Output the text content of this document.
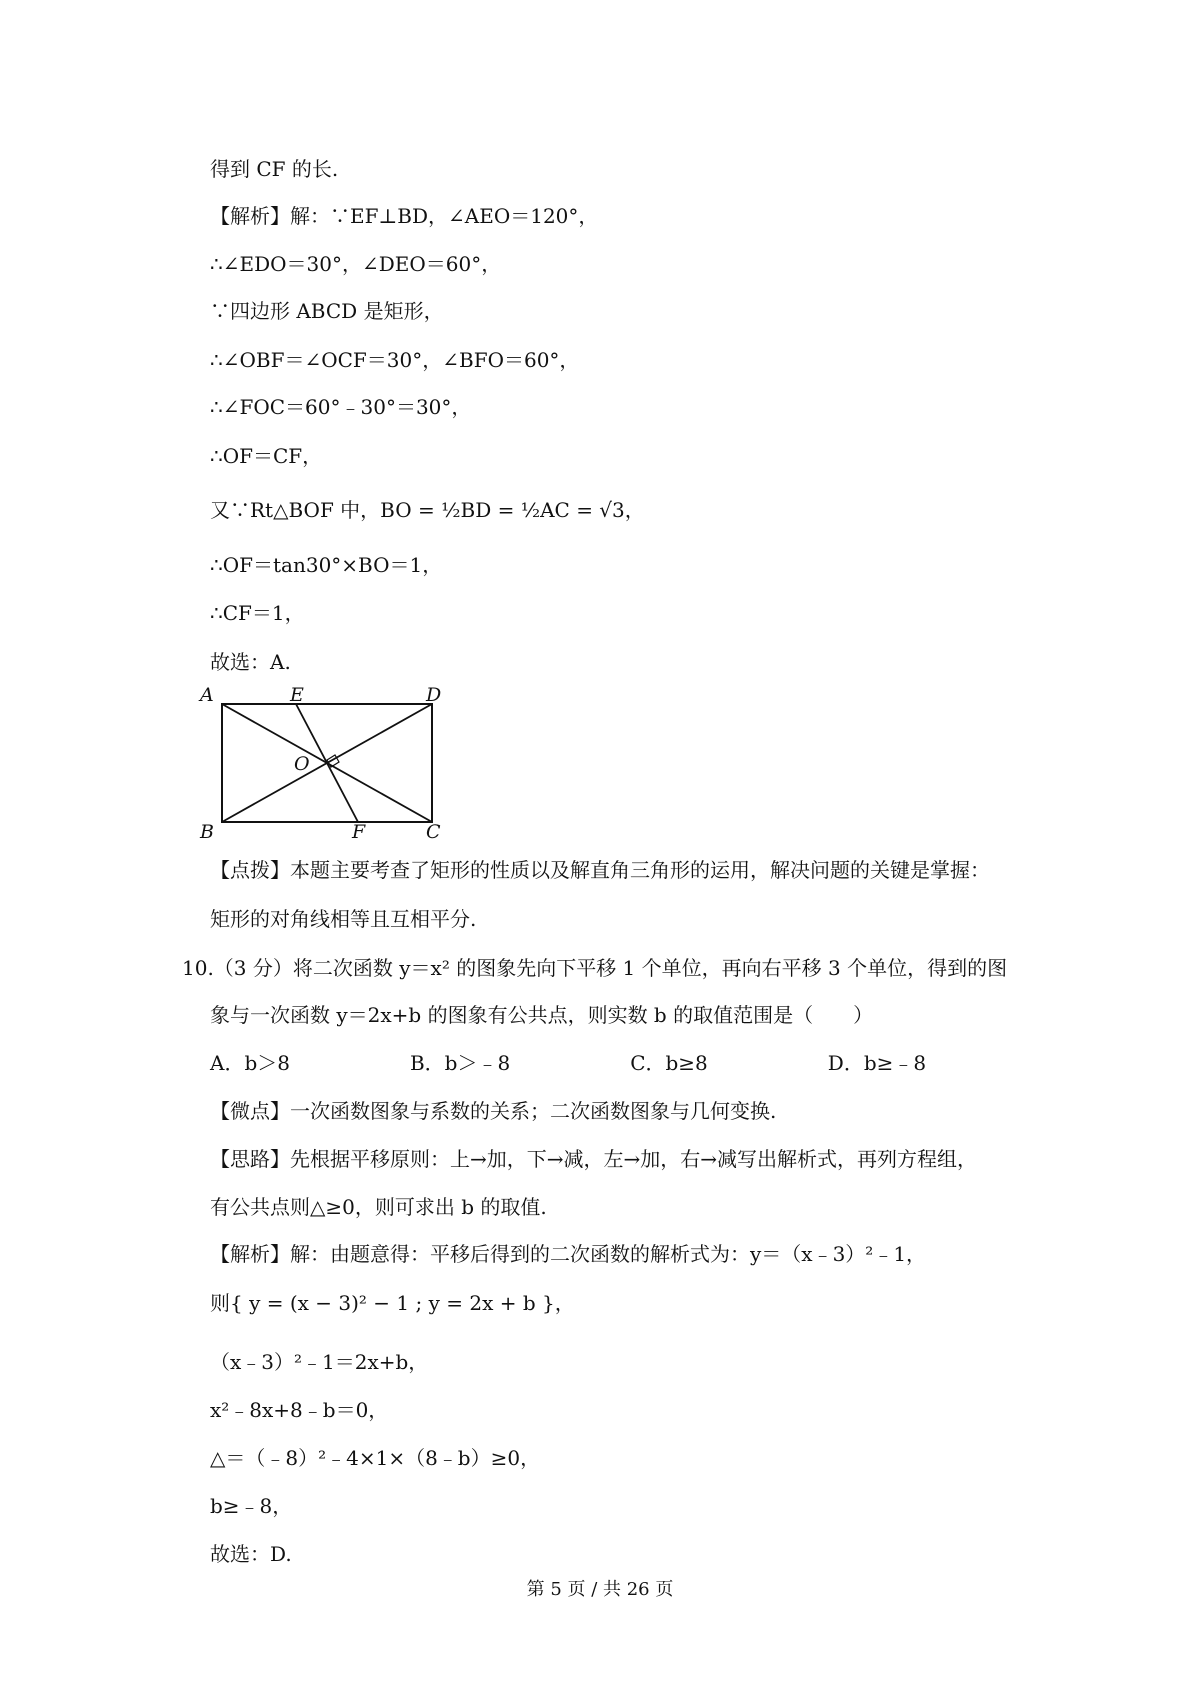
得到 CF 的长.
【解析】解：∵EF⊥BD，∠AEO＝120°，
∴∠EDO＝30°，∠DEO＝60°，
∵四边形 ABCD 是矩形，
∴∠OBF＝∠OCF＝30°，∠BFO＝60°，
∴∠FOC＝60°﹣30°＝30°，
∴OF＝CF，
又∵Rt△BOF 中，BO = ½BD = ½AC = √3，
∴OF＝tan30°×BO＝1，
∴CF＝1，
故选：A.
A	E	D
O
B	F	C
【点拨】本题主要考查了矩形的性质以及解直角三角形的运用，解决问题的关键是掌握：
矩形的对角线相等且互相平分.
10.（3 分）将二次函数 y＝x² 的图象先向下平移 1 个单位，再向右平移 3 个单位，得到的图
象与一次函数 y＝2x+b 的图象有公共点，则实数 b 的取值范围是（　　）
A．b＞8　　　　　　B．b＞﹣8　　　　　　C．b≥8　　　　　　D．b≥﹣8
【微点】一次函数图象与系数的关系；二次函数图象与几何变换.
【思路】先根据平移原则：上→加，下→减，左→加，右→减写出解析式，再列方程组，
有公共点则△≥0，则可求出 b 的取值.
【解析】解：由题意得：平移后得到的二次函数的解析式为：y＝（x﹣3）²﹣1，
则{ y = (x − 3)² − 1 ; y = 2x + b }，
（x﹣3）²﹣1＝2x+b，
x²﹣8x+8﹣b＝0，
△＝（﹣8）²﹣4×1×（8﹣b）≥0，
b≥﹣8，
故选：D.
第 5 页 / 共 26 页
